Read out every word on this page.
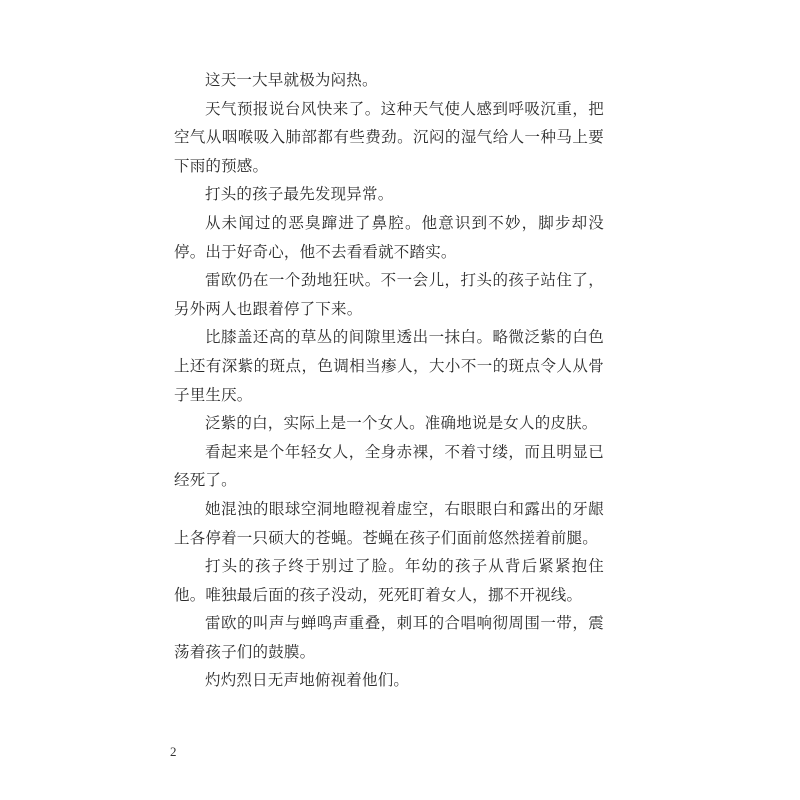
这天一大早就极为闷热。

天气预报说台风快来了。这种天气使人感到呼吸沉重，把空气从咽喉吸入肺部都有些费劲。沉闷的湿气给人一种马上要下雨的预感。

打头的孩子最先发现异常。

从未闻过的恶臭蹿进了鼻腔。他意识到不妙，脚步却没停。出于好奇心，他不去看看就不踏实。

雷欧仍在一个劲地狂吠。不一会儿，打头的孩子站住了，另外两人也跟着停了下来。

比膝盖还高的草丛的间隙里透出一抹白。略微泛紫的白色上还有深紫的斑点，色调相当瘆人，大小不一的斑点令人从骨子里生厌。

泛紫的白，实际上是一个女人。准确地说是女人的皮肤。

看起来是个年轻女人，全身赤裸，不着寸缕，而且明显已经死了。

她混浊的眼球空洞地瞪视着虚空，右眼眼白和露出的牙龈上各停着一只硕大的苍蝇。苍蝇在孩子们面前悠然搓着前腿。

打头的孩子终于别过了脸。年幼的孩子从背后紧紧抱住他。唯独最后面的孩子没动，死死盯着女人，挪不开视线。

雷欧的叫声与蝉鸣声重叠，刺耳的合唱响彻周围一带，震荡着孩子们的鼓膜。

灼灼烈日无声地俯视着他们。

2
